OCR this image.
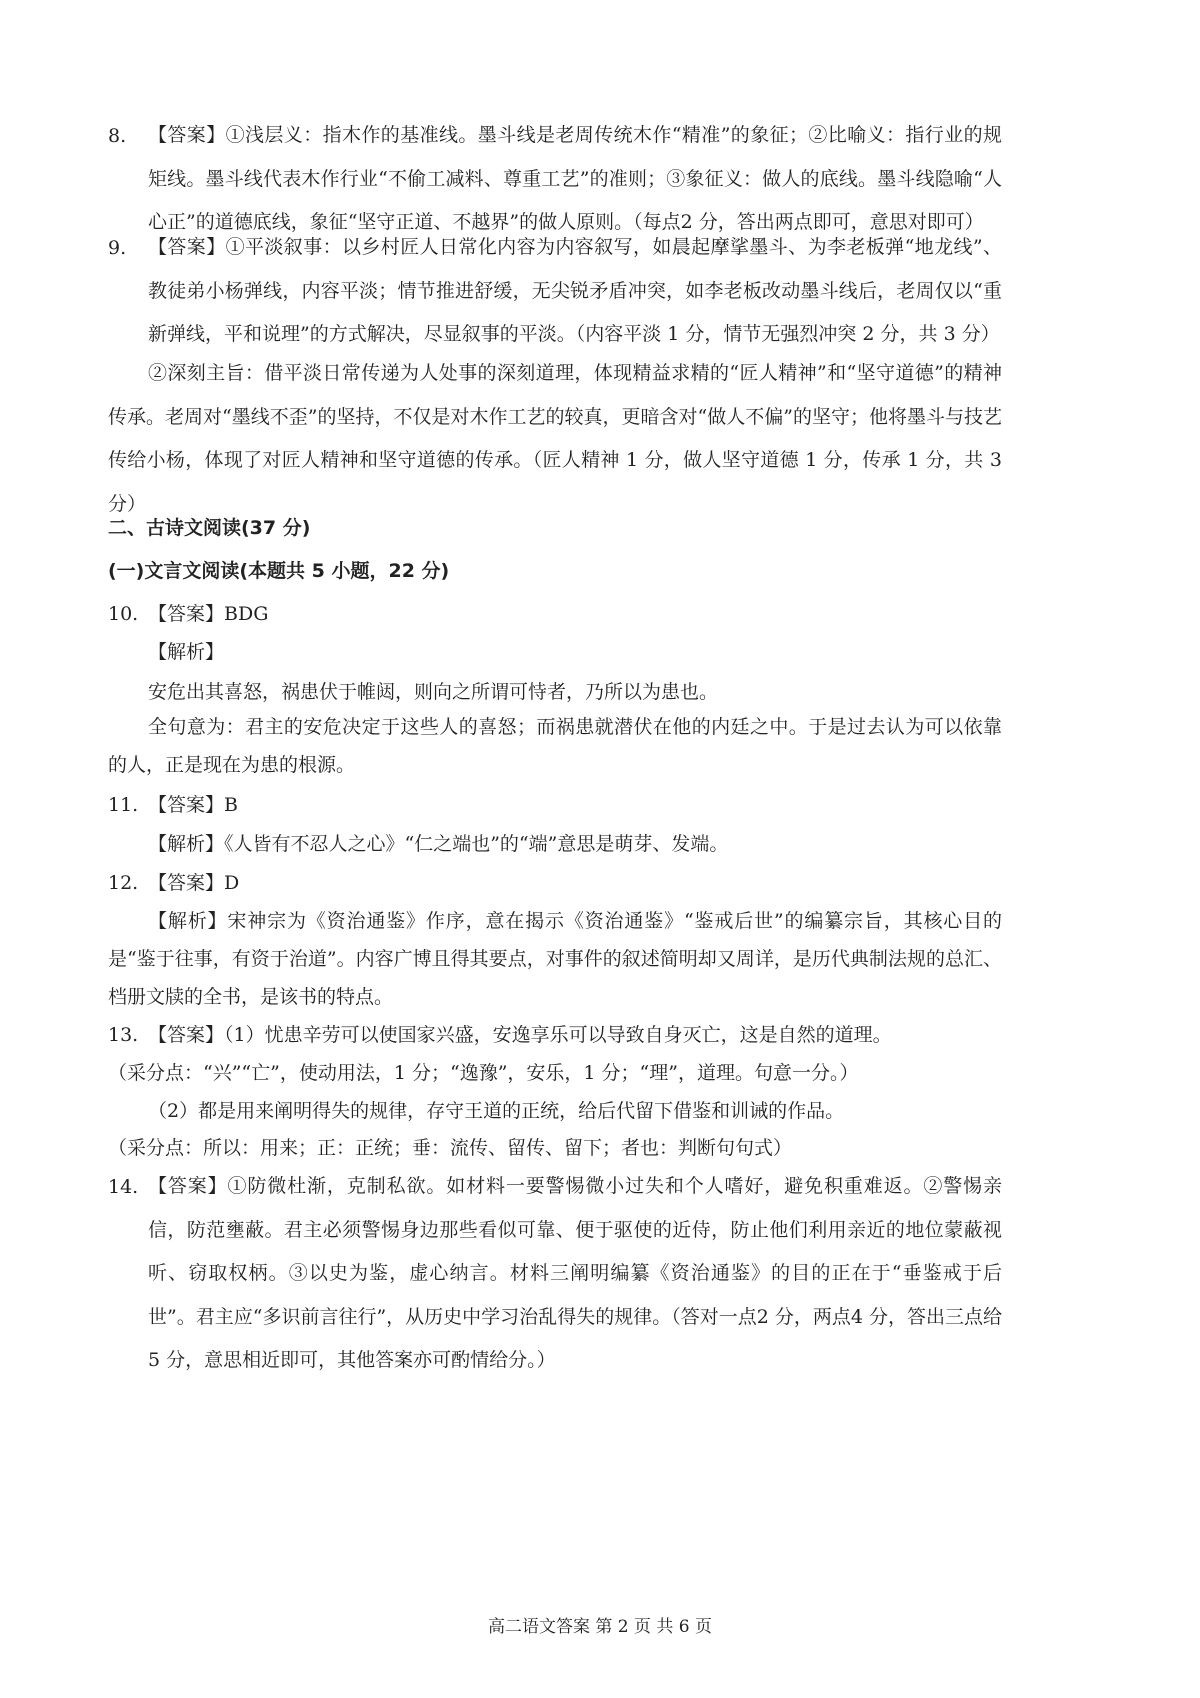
8. 【答案】①浅层义：指木作的基准线。墨斗线是老周传统木作“精准”的象征；②比喻义：指行业的规矩线。墨斗线代表木作行业“不偷工减料、尊重工艺”的准则；③象征义：做人的底线。墨斗线隐喻“人心正”的道德底线，象征“坚守正道、不越界”的做人原则。（每点2 分，答出两点即可，意思对即可）
9. 【答案】①平淡叙事：以乡村匠人日常化内容为内容叙写，如晨起摩挲墨斗、为李老板弹“地龙线”、教徒弟小杨弹线，内容平淡；情节推进舒缓，无尖锐矛盾冲突，如李老板改动墨斗线后，老周仅以“重新弹线，平和说理”的方式解决，尽显叙事的平淡。（内容平淡 1 分，情节无强烈冲突 2 分，共 3 分）
②深刻主旨：借平淡日常传递为人处事的深刻道理，体现精益求精的“匠人精神”和“坚守道德”的精神传承。老周对“墨线不歪”的坚持，不仅是对木作工艺的较真，更暗含对“做人不偏”的坚守；他将墨斗与技艺传给小杨，体现了对匠人精神和坚守道德的传承。（匠人精神 1 分，做人坚守道德 1 分，传承 1 分，共 3 分）
二、古诗文阅读(37 分)
(一)文言文阅读(本题共 5 小题，22 分)
10. 【答案】BDG
【解析】
安危出其喜怒，祸患伏于帷闼，则向之所谓可恃者，乃所以为患也。
全句意为：君主的安危决定于这些人的喜怒；而祸患就潜伏在他的内廷之中。于是过去认为可以依靠的人，正是现在为患的根源。
11. 【答案】B
【解析】《人皆有不忍人之心》“仁之端也”的“端”意思是萌芽、发端。
12. 【答案】D
【解析】宋神宗为《资治通鉴》作序，意在揭示《资治通鉴》“鉴戒后世”的编纂宗旨，其核心目的是“鉴于往事，有资于治道”。内容广博且得其要点，对事件的叙述简明却又周详，是历代典制法规的总汇、档册文牍的全书，是该书的特点。
13. 【答案】（1）忧患辛劳可以使国家兴盛，安逸享乐可以导致自身灭亡，这是自然的道理。
（采分点：“兴”“亡”，使动用法，1 分；“逸豫”，安乐，1 分；“理”，道理。句意一分。）
（2）都是用来阐明得失的规律，存守王道的正统，给后代留下借鉴和训诫的作品。
（采分点：所以：用来；正：正统；垂：流传、留传、留下；者也：判断句句式）
14. 【答案】①防微杜渐，克制私欲。如材料一要警惕微小过失和个人嗜好，避免积重难返。②警惕亲信，防范壅蔽。君主必须警惕身边那些看似可靠、便于驱使的近侍，防止他们利用亲近的地位蒙蔽视听、窃取权柄。③以史为鉴，虚心纳言。材料三阐明编纂《资治通鉴》的目的正在于“垂鉴戒于后世”。君主应“多识前言往行”，从历史中学习治乱得失的规律。（答对一点2 分，两点4 分，答出三点给 5 分，意思相近即可，其他答案亦可酌情给分。）
高二语文答案 第 2 页 共 6 页
